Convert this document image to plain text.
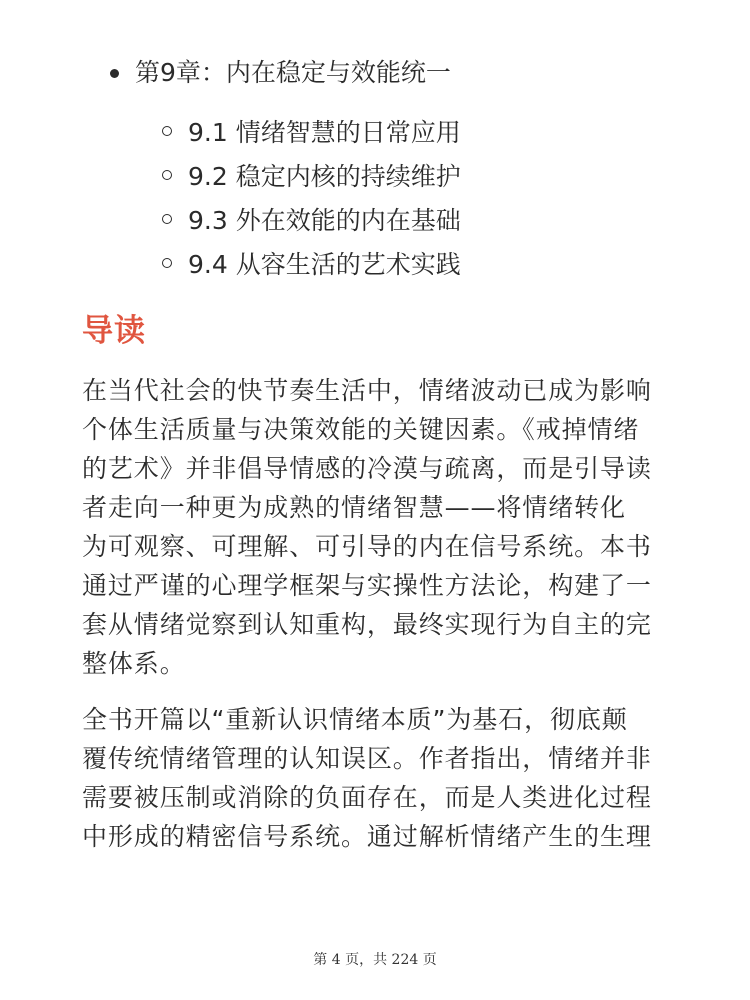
第9章：内在稳定与效能统一
9.1 情绪智慧的日常应用
9.2 稳定内核的持续维护
9.3 外在效能的内在基础
9.4 从容生活的艺术实践
导读

在当代社会的快节奏生活中，情绪波动已成为影响
个体生活质量与决策效能的关键因素。《戒掉情绪
的艺术》并非倡导情感的冷漠与疏离，而是引导读
者走向一种更为成熟的情绪智慧——将情绪转化
为可观察、可理解、可引导的内在信号系统。本书
通过严谨的心理学框架与实操性方法论，构建了一
套从情绪觉察到认知重构，最终实现行为自主的完
整体系。

全书开篇以“重新认识情绪本质”为基石，彻底颠
覆传统情绪管理的认知误区。作者指出，情绪并非
需要被压制或消除的负面存在，而是人类进化过程
中形成的精密信号系统。通过解析情绪产生的生理

第 4 页，共 224 页
